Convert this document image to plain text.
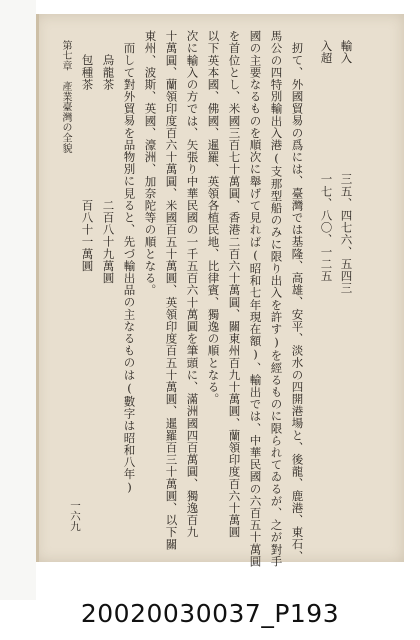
輸入　　　　　　　　　三五、四七六、五四三
入超　　　　　　　　　一七、八〇、一二五
扨て、外國貿易の爲には、臺灣では基隆、高雄、安平、淡水の四開港場と、後龍、鹿港、東石、
馬公の四特別輸出入港(支那型船のみに限り出入を許す)を經るものに限られてゐるが、之が對手
國の主要なるものを順次に舉げて見れば(昭和七年現在額)、輸出では、中華民國の六百五十萬圓
を首位とし、米國三百七十萬圓、香港二百六十萬圓、關東州百九十萬圓、蘭領印度百六十萬圓
以下英本國、佛國、暹羅、英領各植民地、比律賓、獨逸の順となる。
次に輸入の方では、矢張り中華民國の一千五百六十萬圓を筆頭に、滿洲國四百萬圓、獨逸百九
十萬圓、蘭領印度百六十萬圓、米國百五十萬圓、英領印度百五十萬圓、暹羅百三十萬圓、以下關
東州、波斯、英國、濠洲、加奈陀等の順となる。
而して對外貿易を品物別に見ると、先づ輸出品の主なるものは(數字は昭和八年)
　烏龍茶　　　　　　　　　二百八十九萬圓
　包種茶　　　　　　　　　百八十一萬圓
第七章　產業臺灣の全貌
一六九
20020030037_P193
